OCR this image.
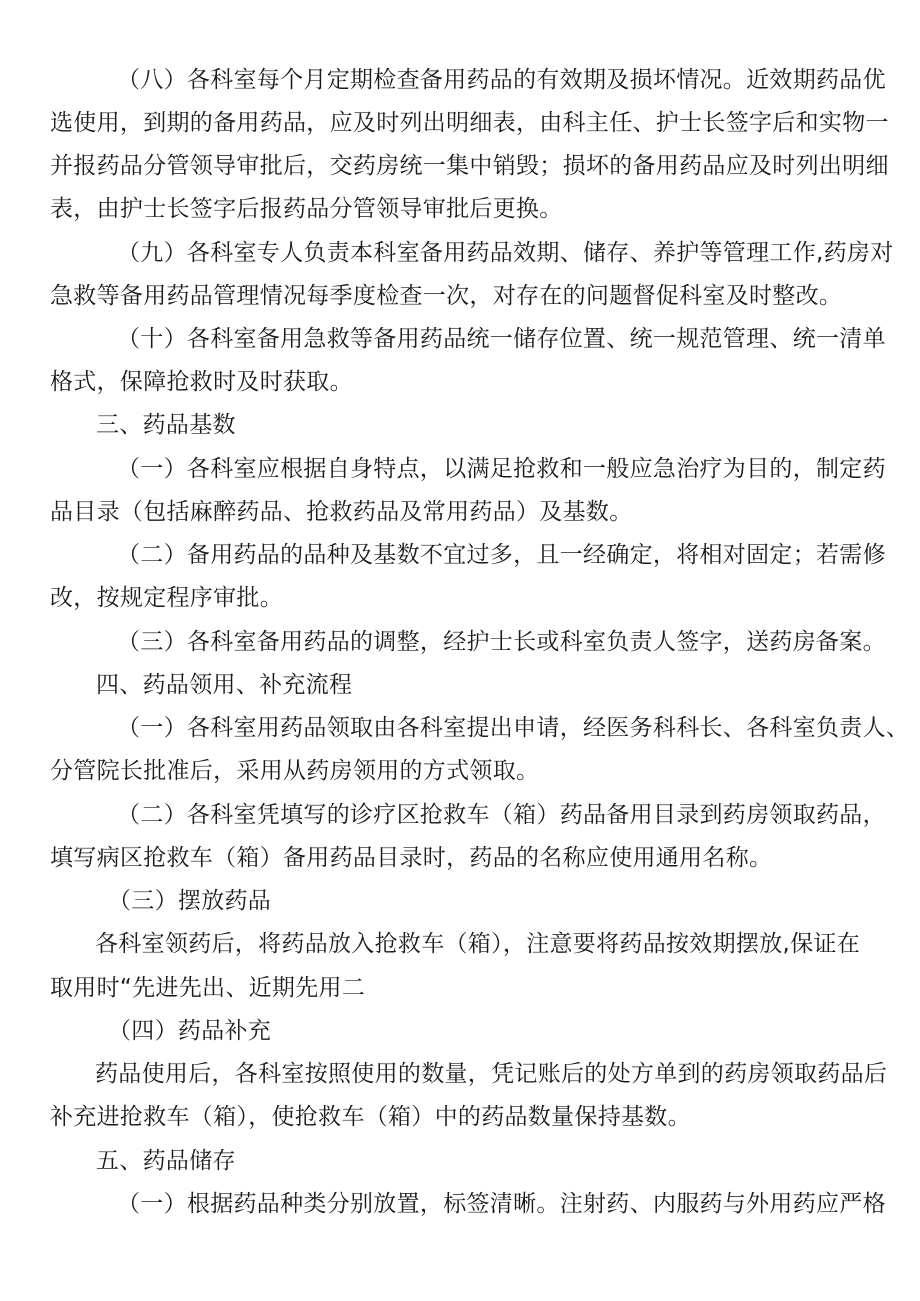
（八）各科室每个月定期检查备用药品的有效期及损坏情况。近效期药品优
选使用，到期的备用药品，应及时列出明细表，由科主任、护士长签字后和实物一
并报药品分管领导审批后，交药房统一集中销毁；损坏的备用药品应及时列出明细
表，由护士长签字后报药品分管领导审批后更换。
（九）各科室专人负责本科室备用药品效期、储存、养护等管理工作,药房对
急救等备用药品管理情况每季度检查一次，对存在的问题督促科室及时整改。
（十）各科室备用急救等备用药品统一储存位置、统一规范管理、统一清单
格式，保障抢救时及时获取。
三、药品基数
（一）各科室应根据自身特点，以满足抢救和一般应急治疗为目的，制定药
品目录（包括麻醉药品、抢救药品及常用药品）及基数。
（二）备用药品的品种及基数不宜过多，且一经确定，将相对固定；若需修
改，按规定程序审批。
（三）各科室备用药品的调整，经护士长或科室负责人签字，送药房备案。
四、药品领用、补充流程
（一）各科室用药品领取由各科室提出申请，经医务科科长、各科室负责人、
分管院长批准后，采用从药房领用的方式领取。
（二）各科室凭填写的诊疗区抢救车（箱）药品备用目录到药房领取药品，
填写病区抢救车（箱）备用药品目录时，药品的名称应使用通用名称。
（三）摆放药品
各科室领药后，将药品放入抢救车（箱），注意要将药品按效期摆放,保证在
取用时“先进先出、近期先用二
（四）药品补充
药品使用后，各科室按照使用的数量，凭记账后的处方单到的药房领取药品后
补充进抢救车（箱），使抢救车（箱）中的药品数量保持基数。
五、药品储存
（一）根据药品种类分别放置，标签清晰。注射药、内服药与外用药应严格
